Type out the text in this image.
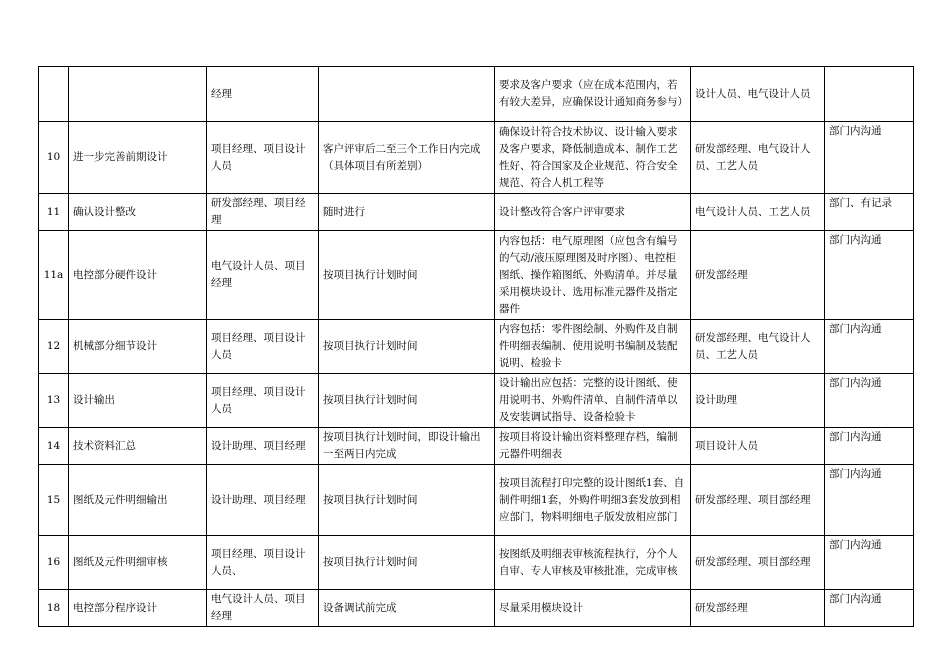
		经理		要求及客户要求（应在成本范围内，若有较大差异，应确保设计通知商务参与）	设计人员、电气设计人员	
10	进一步完善前期设计	项目经理、项目设计人员	客户评审后二至三个工作日内完成（具体项目有所差别）	确保设计符合技术协议、设计输入要求及客户要求，降低制造成本、制作工艺性好、符合国家及企业规范、符合安全规范、符合人机工程等	研发部经理、电气设计人员、工艺人员	部门内沟通
11	确认设计整改	研发部经理、项目经理	随时进行	设计整改符合客户评审要求	电气设计人员、工艺人员	部门、有记录
11a	电控部分硬件设计	电气设计人员、项目经理	按项目执行计划时间	内容包括：电气原理图（应包含有编号的气动/液压原理图及时序图）、电控柜图纸、操作箱图纸、外购清单。并尽量采用模块设计、选用标准元器件及指定器件	研发部经理	部门内沟通
12	机械部分细节设计	项目经理、项目设计人员	按项目执行计划时间	内容包括：零件图绘制、外购件及自制件明细表编制、使用说明书编制及装配说明、检验卡	研发部经理、电气设计人员、工艺人员	部门内沟通
13	设计输出	项目经理、项目设计人员	按项目执行计划时间	设计输出应包括：完整的设计图纸、使用说明书、外购件清单、自制件清单以及安装调试指导、设备检验卡	设计助理	部门内沟通
14	技术资料汇总	设计助理、项目经理	按项目执行计划时间，即设计输出一至两日内完成	按项目将设计输出资料整理存档，编制元器件明细表	项目设计人员	部门内沟通
15	图纸及元件明细输出	设计助理、项目经理	按项目执行计划时间	按项目流程打印完整的设计图纸1套、自制件明细1套，外购件明细3套发放到相应部门，物料明细电子版发放相应部门	研发部经理、项目部经理	部门内沟通
16	图纸及元件明细审核	项目经理、项目设计人员、	按项目执行计划时间	按图纸及明细表审核流程执行，分个人自审、专人审核及审核批准，完成审核	研发部经理、项目部经理	部门内沟通
18	电控部分程序设计	电气设计人员、项目经理	设备调试前完成	尽量采用模块设计	研发部经理	部门内沟通
